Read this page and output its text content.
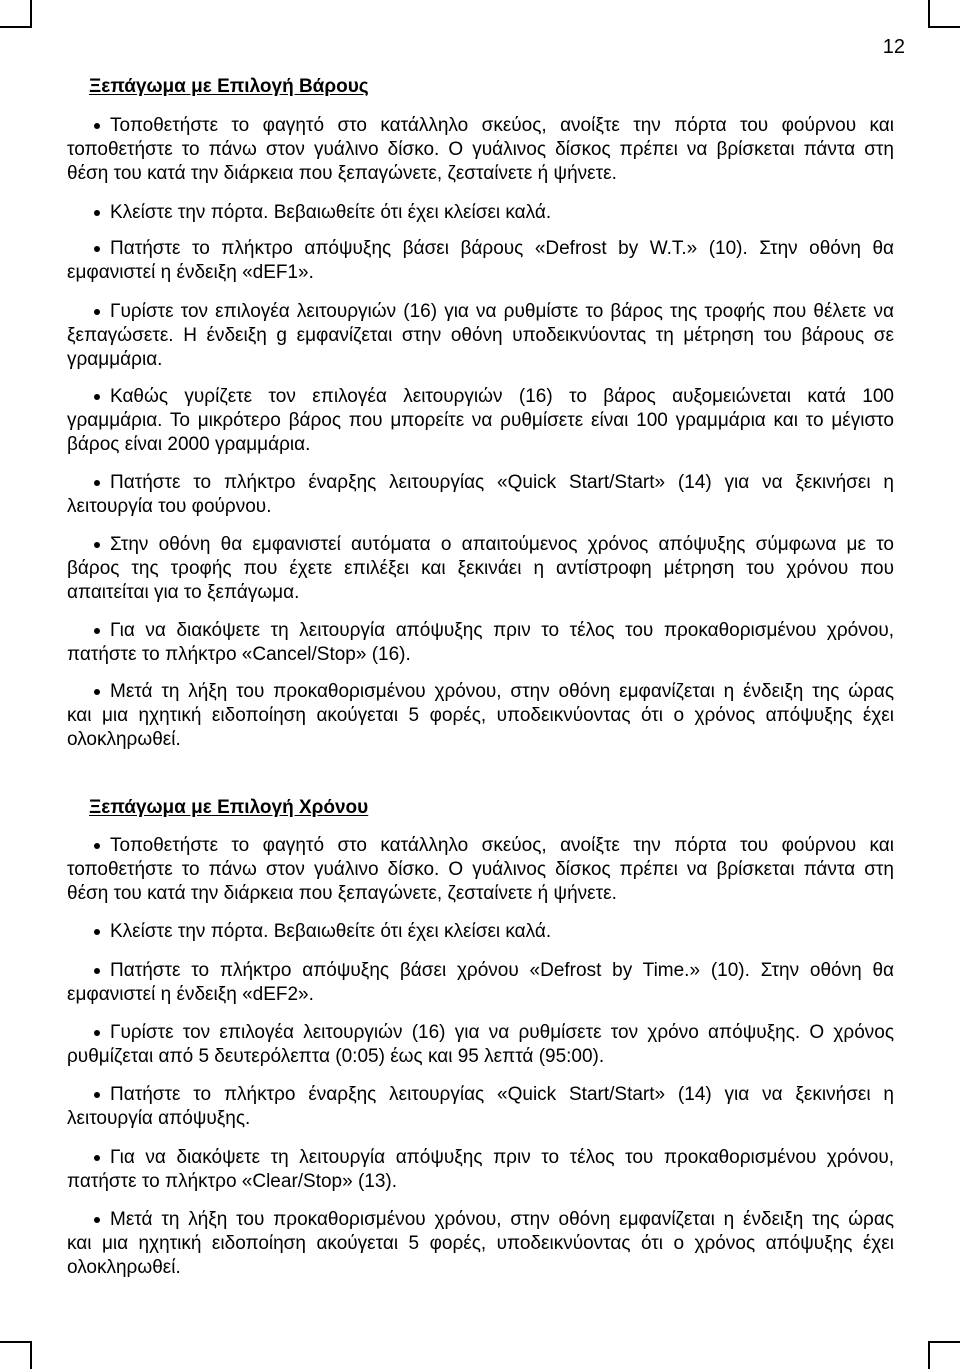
12
Ξεπάγωμα με Επιλογή Βάρους
Τοποθετήστε το φαγητό στο κατάλληλο σκεύος, ανοίξτε την πόρτα του φούρνου και
τοποθετήστε το πάνω στον γυάλινο δίσκο. Ο γυάλινος δίσκος πρέπει να βρίσκεται πάντα στη
θέση του κατά την διάρκεια που ξεπαγώνετε, ζεσταίνετε ή ψήνετε.
Κλείστε την πόρτα. Βεβαιωθείτε ότι έχει κλείσει καλά.
Πατήστε το πλήκτρο απόψυξης βάσει βάρους «Defrost by W.T.» (10). Στην οθόνη θα
εμφανιστεί η ένδειξη «dEF1».
Γυρίστε τον επιλογέα λειτουργιών (16) για να ρυθμίστε το βάρος της τροφής που θέλετε να
ξεπαγώσετε. Η ένδειξη g εμφανίζεται στην οθόνη υποδεικνύοντας τη μέτρηση του βάρους σε
γραμμάρια.
Καθώς γυρίζετε τον επιλογέα λειτουργιών (16) το βάρος αυξομειώνεται κατά 100
γραμμάρια. Το μικρότερο βάρος που μπορείτε να ρυθμίσετε είναι 100 γραμμάρια και το μέγιστο
βάρος είναι 2000 γραμμάρια.
Πατήστε το πλήκτρο έναρξης λειτουργίας «Quick Start/Start» (14) για να ξεκινήσει η
λειτουργία του φούρνου.
Στην οθόνη θα εμφανιστεί αυτόματα ο απαιτούμενος χρόνος απόψυξης σύμφωνα με το
βάρος της τροφής που έχετε επιλέξει και ξεκινάει η αντίστροφη μέτρηση του χρόνου που
απαιτείται για το ξεπάγωμα.
Για να διακόψετε τη λειτουργία απόψυξης πριν το τέλος του προκαθορισμένου χρόνου,
πατήστε το πλήκτρο «Cancel/Stop» (16).
Μετά τη λήξη του προκαθορισμένου χρόνου, στην οθόνη εμφανίζεται η ένδειξη της ώρας
και μια ηχητική ειδοποίηση ακούγεται 5 φορές, υποδεικνύοντας ότι ο χρόνος απόψυξης έχει
ολοκληρωθεί.
Ξεπάγωμα με Επιλογή Χρόνου
Τοποθετήστε το φαγητό στο κατάλληλο σκεύος, ανοίξτε την πόρτα του φούρνου και
τοποθετήστε το πάνω στον γυάλινο δίσκο. Ο γυάλινος δίσκος πρέπει να βρίσκεται πάντα στη
θέση του κατά την διάρκεια που ξεπαγώνετε, ζεσταίνετε ή ψήνετε.
Κλείστε την πόρτα. Βεβαιωθείτε ότι έχει κλείσει καλά.
Πατήστε το πλήκτρο απόψυξης βάσει χρόνου «Defrost by Time.» (10). Στην οθόνη θα
εμφανιστεί η ένδειξη «dEF2».
Γυρίστε τον επιλογέα λειτουργιών (16) για να ρυθμίσετε τον χρόνο απόψυξης. Ο χρόνος
ρυθμίζεται από 5 δευτερόλεπτα (0:05) έως και 95 λεπτά (95:00).
Πατήστε το πλήκτρο έναρξης λειτουργίας «Quick Start/Start» (14) για να ξεκινήσει η
λειτουργία απόψυξης.
Για να διακόψετε τη λειτουργία απόψυξης πριν το τέλος του προκαθορισμένου χρόνου,
πατήστε το πλήκτρο «Clear/Stop» (13).
Μετά τη λήξη του προκαθορισμένου χρόνου, στην οθόνη εμφανίζεται η ένδειξη της ώρας
και μια ηχητική ειδοποίηση ακούγεται 5 φορές, υποδεικνύοντας ότι ο χρόνος απόψυξης έχει
ολοκληρωθεί.
